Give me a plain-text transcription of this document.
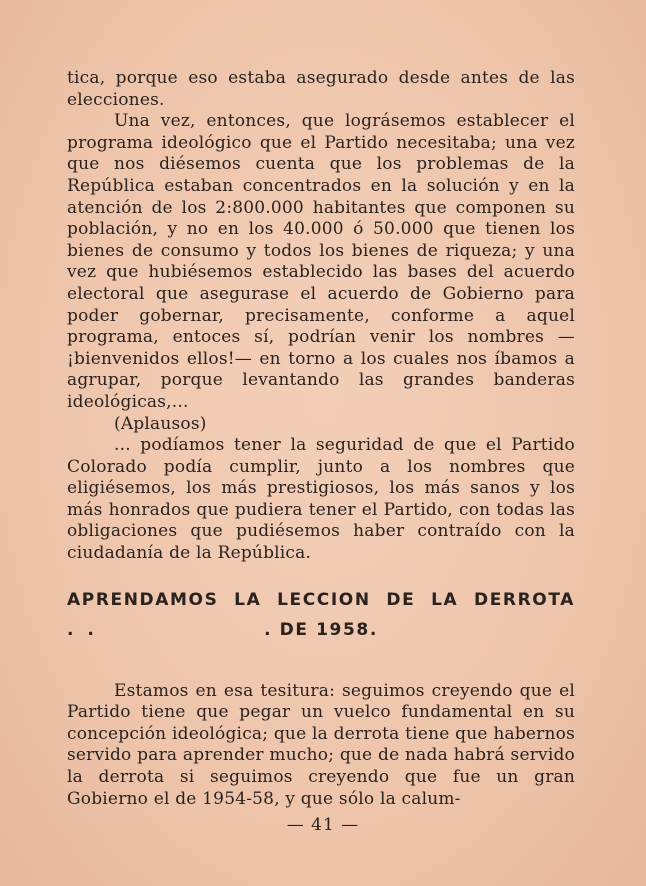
tica, porque eso estaba asegurado desde antes de las elecciones.

Una vez, entonces, que lográsemos establecer el programa ideológico que el Partido necesitaba; una vez que nos diésemos cuenta que los problemas de la República estaban concentrados en la solución y en la atención de los 2:800.000 habitantes que componen su población, y no en los 40.000 ó 50.000 que tienen los bienes de consumo y todos los bienes de riqueza; y una vez que hubiésemos establecido las bases del acuerdo electoral que asegurase el acuerdo de Gobierno para poder gobernar, precisamente, conforme a aquel programa, entoces sí, podrían venir los nombres —¡bienvenidos ellos!— en torno a los cuales nos íbamos a agrupar, porque levantando las grandes banderas ideológicas,...

(Aplausos)

... podíamos tener la seguridad de que el Partido Colorado podía cumplir, junto a los nombres que eligiésemos, los más prestigiosos, los más sanos y los más honrados que pudiera tener el Partido, con todas las obligaciones que pudiésemos haber contraído con la ciudadanía de la República.

APRENDAMOS LA LECCION DE LA DERROTA
. .	. DE 1958.

Estamos en esa tesitura: seguimos creyendo que el Partido tiene que pegar un vuelco fundamental en su concepción ideológica; que la derrota tiene que habernos servido para aprender mucho; que de nada habrá servido la derrota si seguimos creyendo que fue un gran Gobierno el de 1954-58, y que sólo la calum-

— 41 —
